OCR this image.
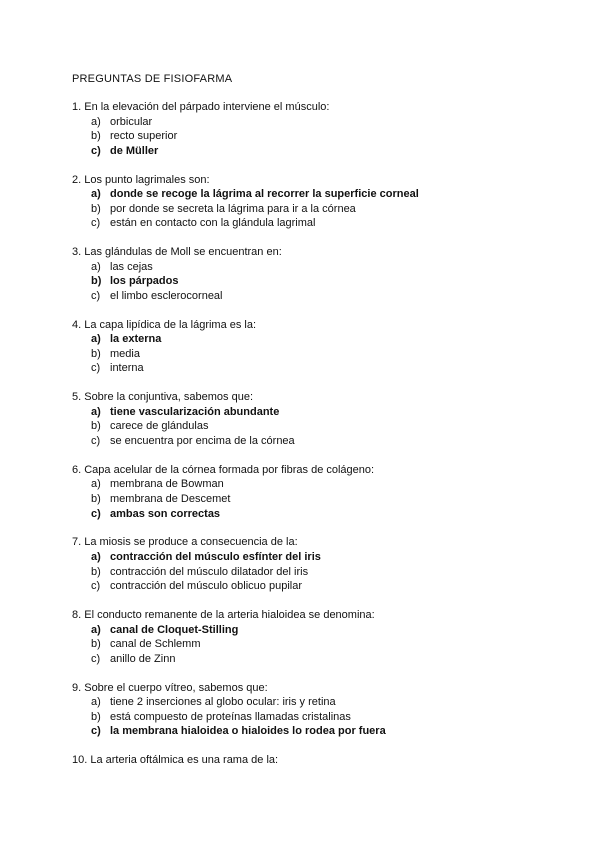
PREGUNTAS DE FISIOFARMA
1. En la elevación del párpado interviene el músculo:
a) orbicular
b) recto superior
c) de Müller
2. Los punto lagrimales son:
a) donde se recoge la lágrima al recorrer la superficie corneal
b) por donde se secreta la lágrima para ir a la córnea
c) están en contacto con la glándula lagrimal
3. Las glándulas de Moll se encuentran en:
a) las cejas
b) los párpados
c) el limbo esclerocorneal
4. La capa lipídica de la lágrima es la:
a) la externa
b) media
c) interna
5. Sobre la conjuntiva, sabemos que:
a) tiene vascularización abundante
b) carece de glándulas
c) se encuentra por encima de la córnea
6. Capa acelular de la córnea formada por fibras de colágeno:
a) membrana de Bowman
b) membrana de Descemet
c) ambas son correctas
7. La miosis se produce a consecuencia de la:
a) contracción del músculo esfínter del iris
b) contracción del músculo dilatador del iris
c) contracción del músculo oblicuo pupilar
8. El conducto remanente de la arteria hialoidea se denomina:
a) canal de Cloquet-Stilling
b) canal de Schlemm
c) anillo de Zinn
9. Sobre el cuerpo vítreo, sabemos que:
a) tiene 2 inserciones al globo ocular: iris y retina
b) está compuesto de proteínas llamadas cristalinas
c) la membrana hialoidea o hialoides lo rodea por fuera
10. La arteria oftálmica es una rama de la:
